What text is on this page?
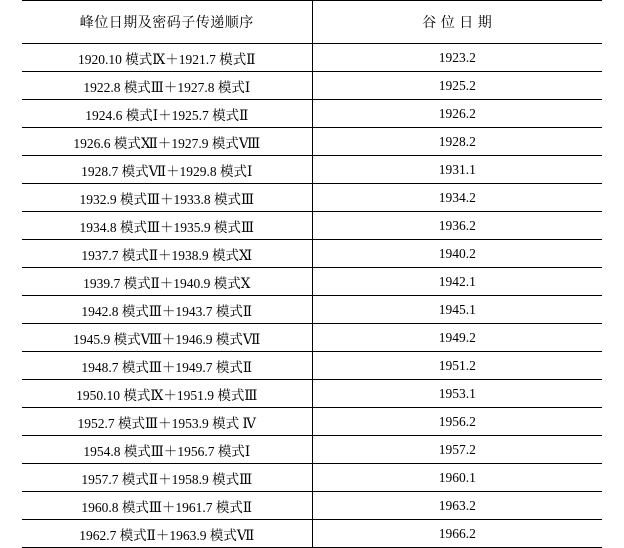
峰位日期及密码子传递顺序	谷 位 日 期
1920.10 模式Ⅸ＋1921.7 模式Ⅱ	1923.2
1922.8 模式Ⅲ＋1927.8 模式Ⅰ	1925.2
1924.6 模式Ⅰ＋1925.7 模式Ⅱ	1926.2
1926.6 模式Ⅻ＋1927.9 模式Ⅷ	1928.2
1928.7 模式Ⅶ＋1929.8 模式Ⅰ	1931.1
1932.9 模式Ⅲ＋1933.8 模式Ⅲ	1934.2
1934.8 模式Ⅲ＋1935.9 模式Ⅲ	1936.2
1937.7 模式Ⅱ＋1938.9 模式Ⅺ	1940.2
1939.7 模式Ⅱ＋1940.9 模式Ⅹ	1942.1
1942.8 模式Ⅲ＋1943.7 模式Ⅱ	1945.1
1945.9 模式Ⅷ＋1946.9 模式Ⅶ	1949.2
1948.7 模式Ⅲ＋1949.7 模式Ⅱ	1951.2
1950.10 模式Ⅸ＋1951.9 模式Ⅲ	1953.1
1952.7 模式Ⅲ＋1953.9 模式 Ⅳ	1956.2
1954.8 模式Ⅲ＋1956.7 模式Ⅰ	1957.2
1957.7 模式Ⅱ＋1958.9 模式Ⅲ	1960.1
1960.8 模式Ⅲ＋1961.7 模式Ⅱ	1963.2
1962.7 模式Ⅱ＋1963.9 模式Ⅶ	1966.2
